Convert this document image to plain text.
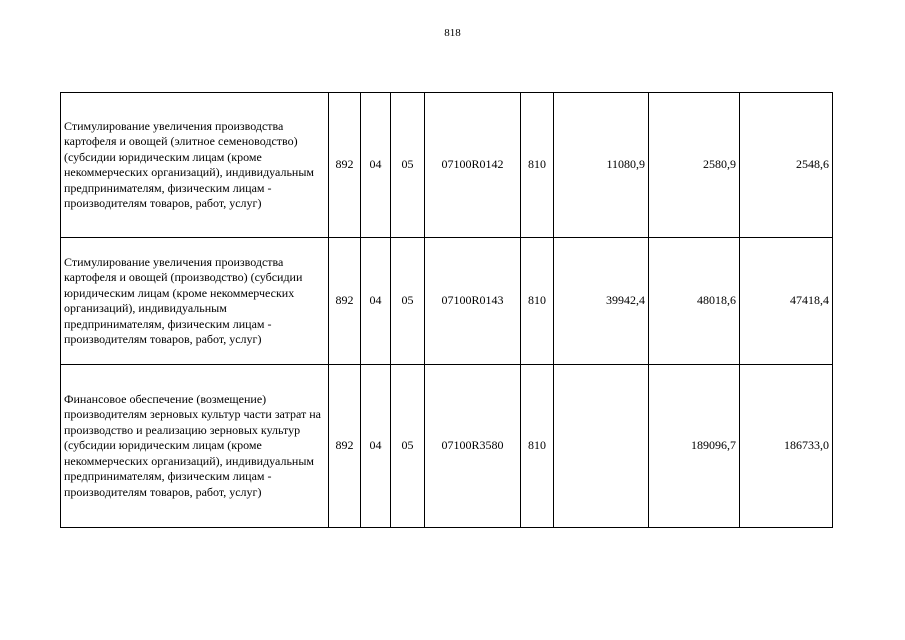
818
Стимулирование увеличения производства картофеля и овощей (элитное семеноводство) (субсидии юридическим лицам (кроме некоммерческих организаций), индивидуальным предпринимателям, физическим лицам - производителям товаров, работ, услуг)	892	04	05	07100R0142	810	11080,9	2580,9	2548,6
Стимулирование увеличения производства картофеля и овощей (производство) (субсидии юридическим лицам (кроме некоммерческих организаций), индивидуальным предпринимателям, физическим лицам - производителям товаров, работ, услуг)	892	04	05	07100R0143	810	39942,4	48018,6	47418,4
Финансовое обеспечение (возмещение) производителям зерновых культур части затрат на производство и реализацию зерновых культур (субсидии юридическим лицам (кроме некоммерческих организаций), индивидуальным предпринимателям, физическим лицам - производителям товаров, работ, услуг)	892	04	05	07100R3580	810		189096,7	186733,0
